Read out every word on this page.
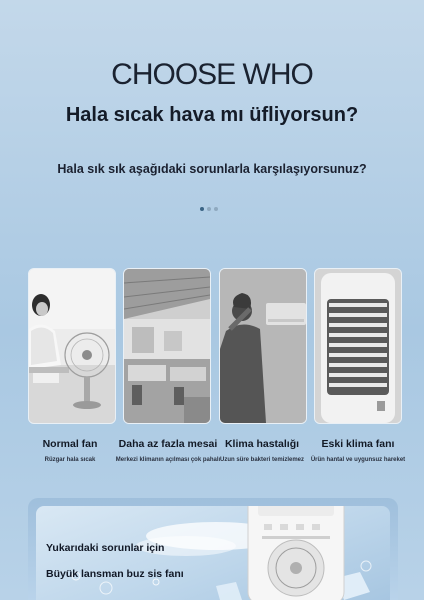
CHOOSE WHO
Hala sıcak hava mı üfliyorsun?
Hala sık sık aşağıdaki sorunlarla karşılaşıyorsunuz?
Normal fan
Rüzgar hala sıcak
Daha az fazla mesai
Merkezi klimanın açılması çok pahalı
Klima hastalığı
Uzun süre bakteri temizlemez
Eski klima fanı
Ürün hantal ve uygunsuz hareket
Yukarıdaki sorunlar için
Büyük lansman buz sis fanı
